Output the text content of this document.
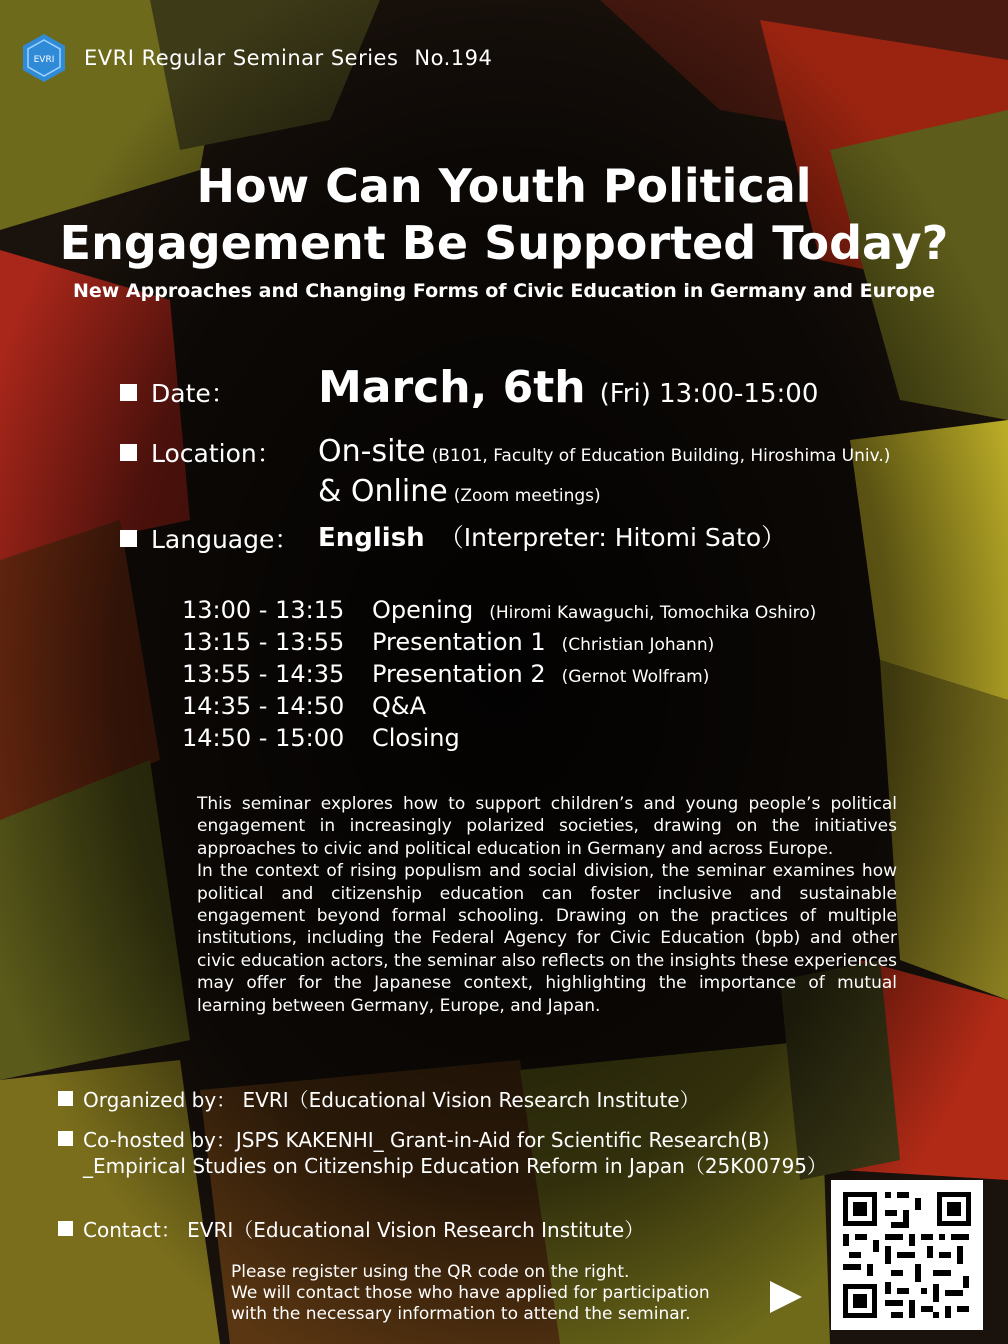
EVRI EVRI Regular Seminar Series No.194
How Can Youth Political
Engagement Be Supported Today?
New Approaches and Changing Forms of Civic Education in Germany and Europe
Date： March, 6th (Fri) 13:00-15:00
Location： On-site (B101, Faculty of Education Building, Hiroshima Univ.)
& Online (Zoom meetings)
Language： English （Interpreter: Hitomi Sato）
13:00 - 13:15	Opening (Hiromi Kawaguchi, Tomochika Oshiro)
13:15 - 13:55	Presentation 1 (Christian Johann)
13:55 - 14:35	Presentation 2 (Gernot Wolfram)
14:35 - 14:50	Q&A
14:50 - 15:00	Closing

This seminar explores how to support children’s and young people’s political engagement in increasingly polarized societies, drawing on the initiatives approaches to civic and political education in Germany and across Europe.

In the context of rising populism and social division, the seminar examines how political and citizenship education can foster inclusive and sustainable engagement beyond formal schooling. Drawing on the practices of multiple institutions, including the Federal Agency for Civic Education (bpb) and other civic education actors, the seminar also reflects on the insights these experiences may offer for the Japanese context, highlighting the importance of mutual learning between Germany, Europe, and Japan.

Organized by： EVRI（Educational Vision Research Institute）
Co-hosted by：JSPS KAKENHI_ Grant-in-Aid for Scientific Research(B)
_Empirical Studies on Citizenship Education Reform in Japan（25K00795）
Contact： EVRI（Educational Vision Research Institute）
Please register using the QR code on the right.
We will contact those who have applied for participation
with the necessary information to attend the seminar.
